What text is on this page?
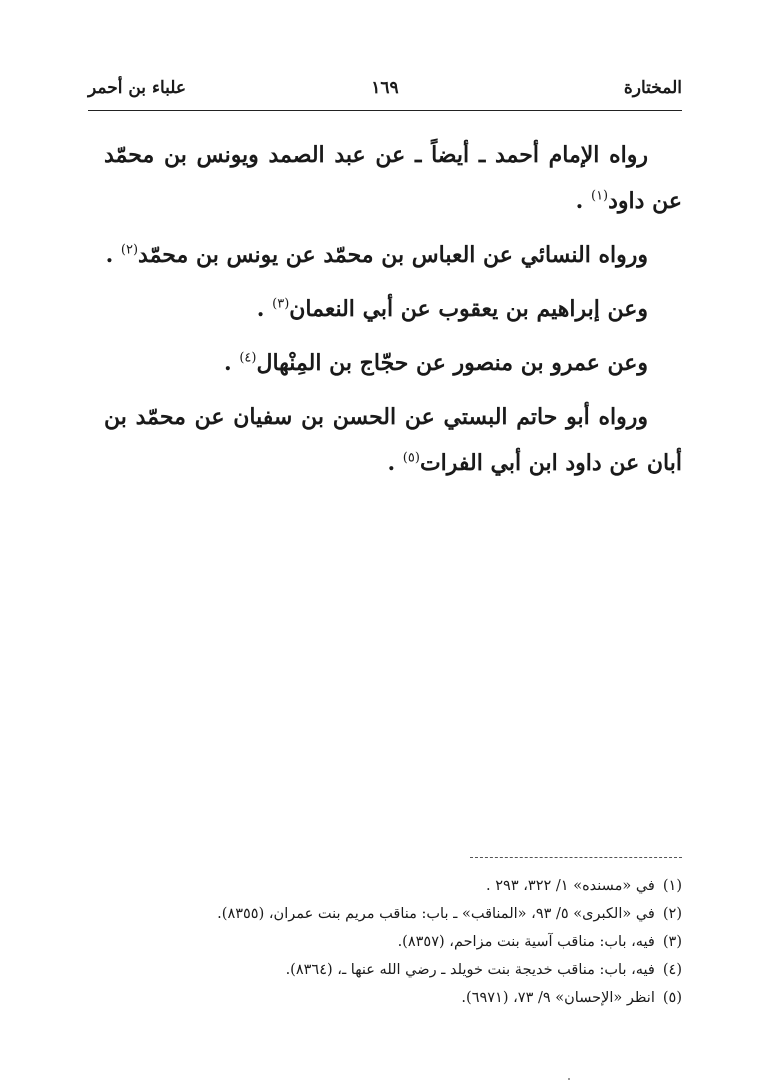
المختارة
١٦٩
علباء بن أحمر

رواه الإمام أحمد ـ أيضاً ـ عن عبد الصمد ويونس بن محمّد عن داود$^{(١)}$ .

ورواه النسائي عن العباس بن محمّد عن يونس بن محمّد$^{(٢)}$ .

وعن إبراهيم بن يعقوب عن أبي النعمان$^{(٣)}$ .

وعن عمرو بن منصور عن حجّاج بن المِنْهال$^{(٤)}$ .

ورواه أبو حاتم البستي عن الحسن بن سفيان عن محمّد بن أبان عن داود ابن أبي الفرات$^{(٥)}$ .

(١)في «مسنده» ١/ ٣٢٢، ٢٩٣ .

(٢)في «الكبرى» ٥/ ٩٣، «المناقب» ـ باب: مناقب مريم بنت عمران، (٨٣٥٥).

(٣)فيه، باب: مناقب آسية بنت مزاحم، (٨٣٥٧).

(٤)فيه، باب: مناقب خديجة بنت خويلد ـ رضي الله عنها ـ، (٨٣٦٤).

(٥)انظر «الإحسان» ٩/ ٧٣، (٦٩٧١).
